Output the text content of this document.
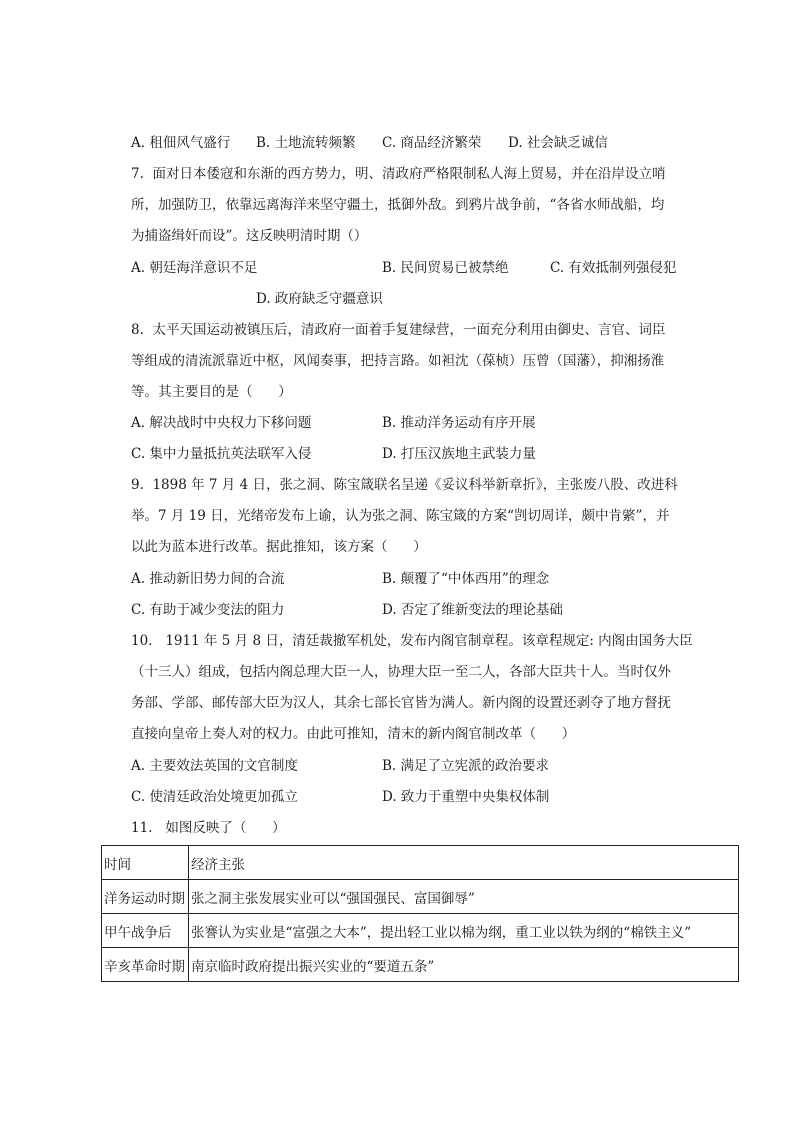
A. 租佃风气盛行 B. 土地流转频繁 C. 商品经济繁荣 D. 社会缺乏诚信
7.  面对日本倭寇和东渐的西方势力，明、清政府严格限制私人海上贸易，并在沿岸设立哨
所，加强防卫，依靠远离海洋来坚守疆土，抵御外敌。到鸦片战争前，“各省水师战船，均
为捕盗缉奸而设”。这反映明清时期（）
A. 朝廷海洋意识不足	B. 民间贸易已被禁绝	C. 有效抵制列强侵犯
D. 政府缺乏守疆意识
8.  太平天国运动被镇压后，清政府一面着手复建绿营，一面充分利用由御史、言官、词臣
等组成的清流派靠近中枢，风闻奏事，把持言路。如袒沈（葆桢）压曾（国藩），抑湘扬淮
等。其主要目的是（      ）
A. 解决战时中央权力下移问题	B. 推动洋务运动有序开展
C. 集中力量抵抗英法联军入侵	D. 打压汉族地主武装力量
9.  1898 年 7 月 4 日，张之洞、陈宝箴联名呈递《妥议科举新章折》，主张废八股、改进科
举。7 月 19 日，光绪帝发布上谕，认为张之洞、陈宝箴的方案“剀切周详，颇中肯綮”，并
以此为蓝本进行改革。据此推知，该方案（      ）
A. 推动新旧势力间的合流	B. 颠覆了“中体西用”的理念
C. 有助于减少变法的阻力	D. 否定了维新变法的理论基础
10.   1911 年 5 月 8 日，清廷裁撤军机处，发布内阁官制章程。该章程规定: 内阁由国务大臣
（十三人）组成，包括内阁总理大臣一人，协理大臣一至二人，各部大臣共十人。当时仅外
务部、学部、邮传部大臣为汉人，其余七部长官皆为满人。新内阁的设置还剥夺了地方督抚
直接向皇帝上奏人对的权力。由此可推知，清末的新内阁官制改革（      ）
A. 主要效法英国的文官制度	B. 满足了立宪派的政治要求
C. 使清廷政治处境更加孤立	D. 致力于重塑中央集权体制
11.   如图反映了（      ）
时间	经济主张
洋务运动时期	张之洞主张发展实业可以“强国强民、富国御辱”
甲午战争后	张謇认为实业是“富强之大本”，提出轻工业以棉为纲，重工业以铁为纲的“棉铁主义”
辛亥革命时期	南京临时政府提出振兴实业的“要道五条”
